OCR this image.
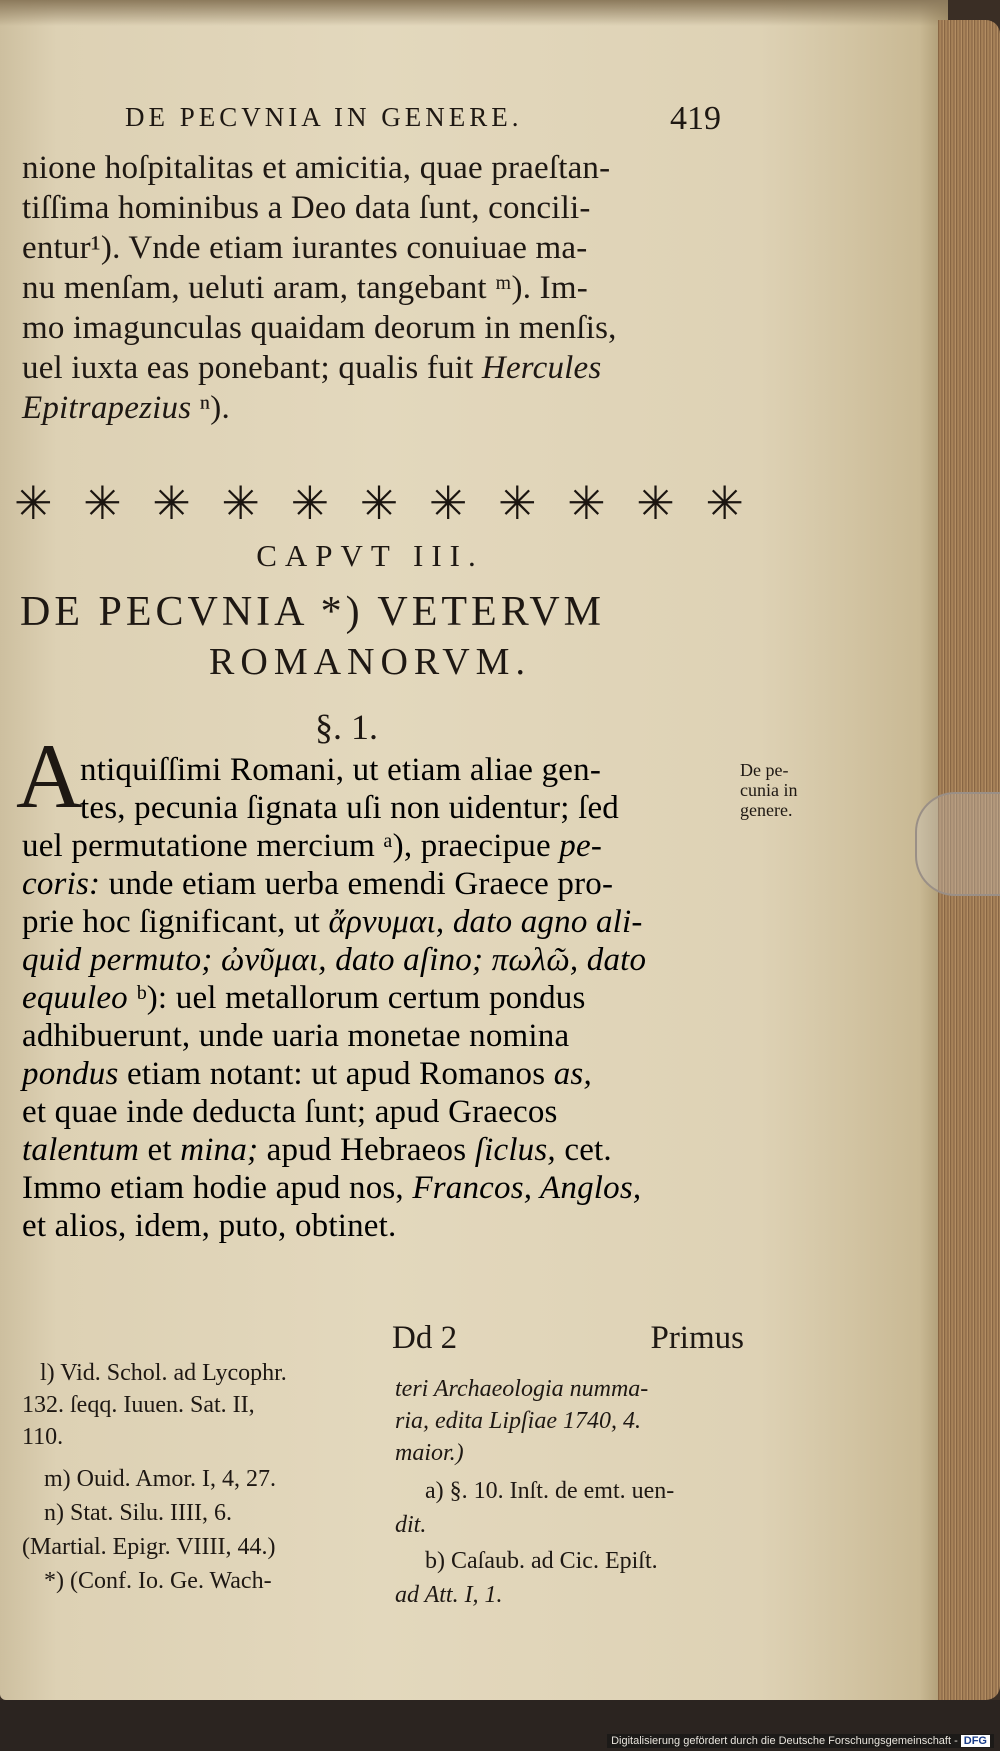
DE PECVNIA IN GENERE.	419
nione hoſpitalitas et amicitia, quae praeſtan-
tiſſima hominibus a Deo data ſunt, concili-
entur¹). Vnde etiam iurantes conuiuae ma-
nu menſam, ueluti aram, tangebant ᵐ). Im-
mo imagunculas quaidam deorum in menſis,
uel iuxta eas ponebant; qualis fuit Hercules
Epitrapezius ⁿ).
✳ ✳ ✳ ✳ ✳ ✳ ✳ ✳ ✳ ✳ ✳
CAPVT III.
DE PECVNIA *) VETERVM
ROMANORVM.
§. 1.
A
ntiquiſſimi Romani, ut etiam aliae gen-
tes, pecunia ſignata uſi non uidentur; ſed
uel permutatione mercium ᵃ), praecipue pe-
coris: unde etiam uerba emendi Graece pro-
prie hoc ſignificant, ut ἄρνυμαι, dato agno ali-
quid permuto; ὠνῦμαι, dato aſino; πωλῶ, dato
equuleo ᵇ): uel metallorum certum pondus
adhibuerunt, unde uaria monetae nomina
pondus etiam notant: ut apud Romanos as,
et quae inde deducta ſunt; apud Graecos
talentum et mina; apud Hebraeos ſiclus, cet.
Immo etiam hodie apud nos, Francos, Anglos,
et alios, idem, puto, obtinet.
De pe-
cunia in
genere.
Dd 2	Primus
l) Vid. Schol. ad Lycophr.
132. ſeqq. Iuuen. Sat. II,
110.
m) Ouid. Amor. I, 4, 27.
n) Stat. Silu. IIII, 6.
(Martial. Epigr. VIIII, 44.)
*) (Conf. Io. Ge. Wach-
teri Archaeologia numma-
ria, edita Lipſiae 1740, 4.
maior.)
a) §. 10. Inſt. de emt. uen-
dit.
b) Caſaub. ad Cic. Epiſt.
ad Att. I, 1.
Digitalisierung gefördert durch die Deutsche Forschungsgemeinschaft - DFG
